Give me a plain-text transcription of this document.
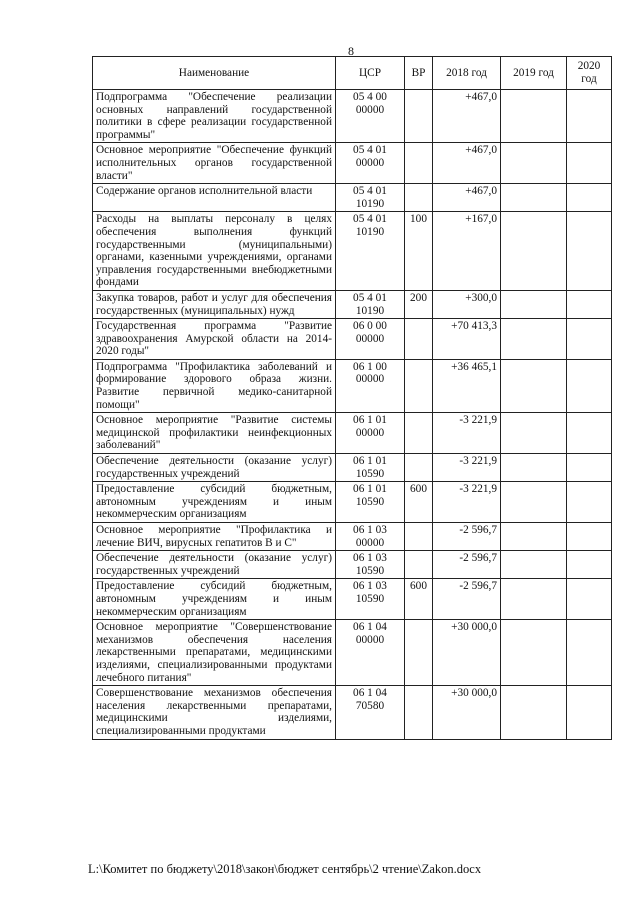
8
Наименование	ЦСР	ВР	2018 год	2019 год	2020 год
Подпрограмма "Обеспечение реализации основных направлений государственной политики в сфере реализации государственной программы"	05 4 00 00000		+467,0		
Основное мероприятие "Обеспечение функций исполнительных органов государственной власти"	05 4 01 00000		+467,0		
Содержание органов исполнительной власти	05 4 01 10190		+467,0		
Расходы на выплаты персоналу в целях обеспечения выполнения функций государственными (муниципальными) органами, казенными учреждениями, органами управления государственными внебюджетными фондами	05 4 01 10190	100	+167,0		
Закупка товаров, работ и услуг для обеспечения государственных (муниципальных) нужд	05 4 01 10190	200	+300,0		
Государственная программа "Развитие здравоохранения Амурской области на 2014-2020 годы"	06 0 00 00000		+70 413,3		
Подпрограмма "Профилактика заболеваний и формирование здорового образа жизни. Развитие первичной медико-санитарной помощи"	06 1 00 00000		+36 465,1		
Основное мероприятие "Развитие системы медицинской профилактики неинфекционных заболеваний"	06 1 01 00000		-3 221,9		
Обеспечение деятельности (оказание услуг) государственных учреждений	06 1 01 10590		-3 221,9		
Предоставление субсидий бюджетным, автономным учреждениям и иным некоммерческим организациям	06 1 01 10590	600	-3 221,9		
Основное мероприятие "Профилактика и лечение ВИЧ, вирусных гепатитов В и С"	06 1 03 00000		-2 596,7		
Обеспечение деятельности (оказание услуг) государственных учреждений	06 1 03 10590		-2 596,7		
Предоставление субсидий бюджетным, автономным учреждениям и иным некоммерческим организациям	06 1 03 10590	600	-2 596,7		
Основное мероприятие "Совершенствование механизмов обеспечения населения лекарственными препаратами, медицинскими изделиями, специализированными продуктами лечебного питания"	06 1 04 00000		+30 000,0		
Совершенствование механизмов обеспечения населения лекарственными препаратами, медицинскими изделиями, специализированными продуктами	06 1 04 70580		+30 000,0		
L:\Комитет по бюджету\2018\закон\бюджет сентябрь\2 чтение\Zakon.docx
